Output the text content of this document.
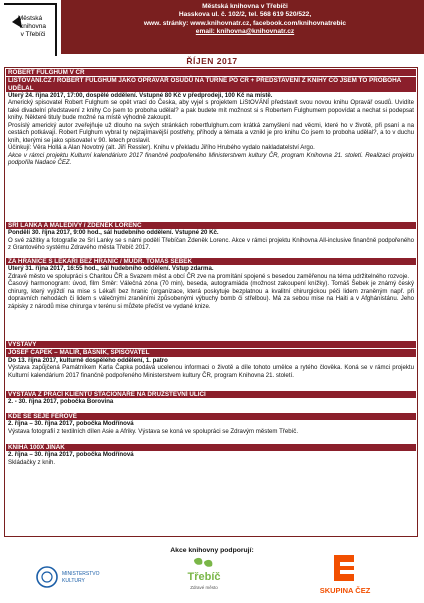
Městská
knihovna
v Třebíči
Městská knihovna v Třebíči
Hasskova ul. č. 102/2, tel. 568 619 520/522,
www. stránky: www.knihovnatr.cz, facebook.com/knihovnatrebic
email: knihovna@knihovnatr.cz
ŘÍJEN 2017
ROBERT FULGHUM V ČR
LISTOVÁNÍ.CZ / ROBERT FULGHUM JAKO OPRAVÁŘ OSUDŮ NA TURNÉ PO ČR + PŘEDSTAVENÍ Z KNIHY CO JSEM TO PROBOHA UDĚLAL
Úterý 24. října 2017, 17:00, dospělé oddělení. Vstupné 80 Kč v předprodeji, 100 Kč na místě.
Americký spisovatel Robert Fulghum se opět vrací do Česka, aby vyjel s projektem LiStOVÁNÍ představit svou novou knihu Opravář osudů. Uvidíte také divadelní představení z knihy Co jsem to proboha udělal? a pak budete mít možnost si s Robertem Fulghumem popovídat a nechat si podepsat knihy. Některé tituly bude možné na místě výhodně zakoupit.
Prosíslý americký autor zveřejňuje už dlouho na svých stránkách robertfulghum.com krátká zamyšlení nad věcmi, které ho v životě, při psaní a na cestách potkávají. Robert Fulghum vybral ty nejzajímavější postřehy, příhody a témata a vznikl je pro knihu Co jsem to proboha udělal?, a to v duchu knih, kterými se jako spisovatel v 90. letech proslavil.
Účinkují: Věra Hollá a Alan Novotný (alt. Jiří Ressler). Knihu v překladu Jiřího Hrubého vydalo nakladatelství Argo.
Akce v rámci projektu Kulturní kalendárium 2017 finančně podpořeného Ministerstvem kultury ČR, program Knihovna 21. století. Realizaci projektu podpořila Nadace ČEZ.
SRÍ LANKA A MALEDIVY / ZDENĚK LORENC
Pondělí 30. října 2017, 9:00 hod., sál hudebního oddělení. Vstupné 20 Kč.
O své zážitky a fotografie ze Srí Lanky se s námi podělí Třebíčan Zdeněk Lorenc. Akce v rámci projektu Knihovna All-inclusive finančně podpořeného z Grantového systému Zdravého města Třebíč 2017.
ZA HRANICE S LÉKAŘI BEZ HRANIC / MUDR. TOMÁŠ ŠEBEK
Úterý 31. října 2017, 16:55 hod., sál hudebního oddělení. Vstup zdarma.
Zdravé město ve spolupráci s Charitou ČR a Svazem měst a obcí ČR zve na promítání spojené s besedou zaměřenou na téma udržitelného rozvoje.
Časový harmonogram: úvod, film Směr: Válečná zóna (70 min), beseda, autogramiáda (možnost zakoupení knížky). Tomáš Šebek je známý český chirurg, který vyjíždí na mise s Lékaři bez hranic (organizace, která poskytuje bezplatnou a kvalitní chirurgickou péči lidem zraněným např. při dopravních nehodách či lidem s válečnými zraněními způsobenými výbuchy bomb či střelbou). Má za sebou mise na Haiti a v Afghánistánu. Jeho zápisky z národů mise chirurga v terénu si můžete přečíst ve vydané knize.
VÝSTAVY
JOSEF ČAPEK – MALÍŘ, BÁSNÍK, SPISOVATEL
Do 13. října 2017, kulturně dospělého oddělení, 1. patro
Výstava zapůjčená Památníkem Karla Čapka podává ucelenou informaci o životě a díle tohoto umělce a rytého člověka. Koná se v rámci projektu Kulturní kalendárium 2017 finančně podpořeného Ministerstvem kultury ČR, program Knihovna 21. století.
VÝSTAVA Z PRÁCÍ KLIENTŮ STACIONÁŘE NA DRUŽSTEVNÍ ULICI
2. - 30. října 2017, pobočka Borovina
KDE SE SEJE FÉROVĚ
2. října – 30. října 2017, pobočka Modřínová
Výstava fotografií z textilních dílen Asie a Afriky. Výstava se koná ve spolupráci se Zdravým městem Třebíč.
KNIHA 100X JINAK
2. října – 30. října 2017, pobočka Modřínová
Skládačky z knih.
Akce knihovny podporují:
MINISTERSTVO
KULTURY	Třebíč
Zdravé město	SKUPINA ČEZ
